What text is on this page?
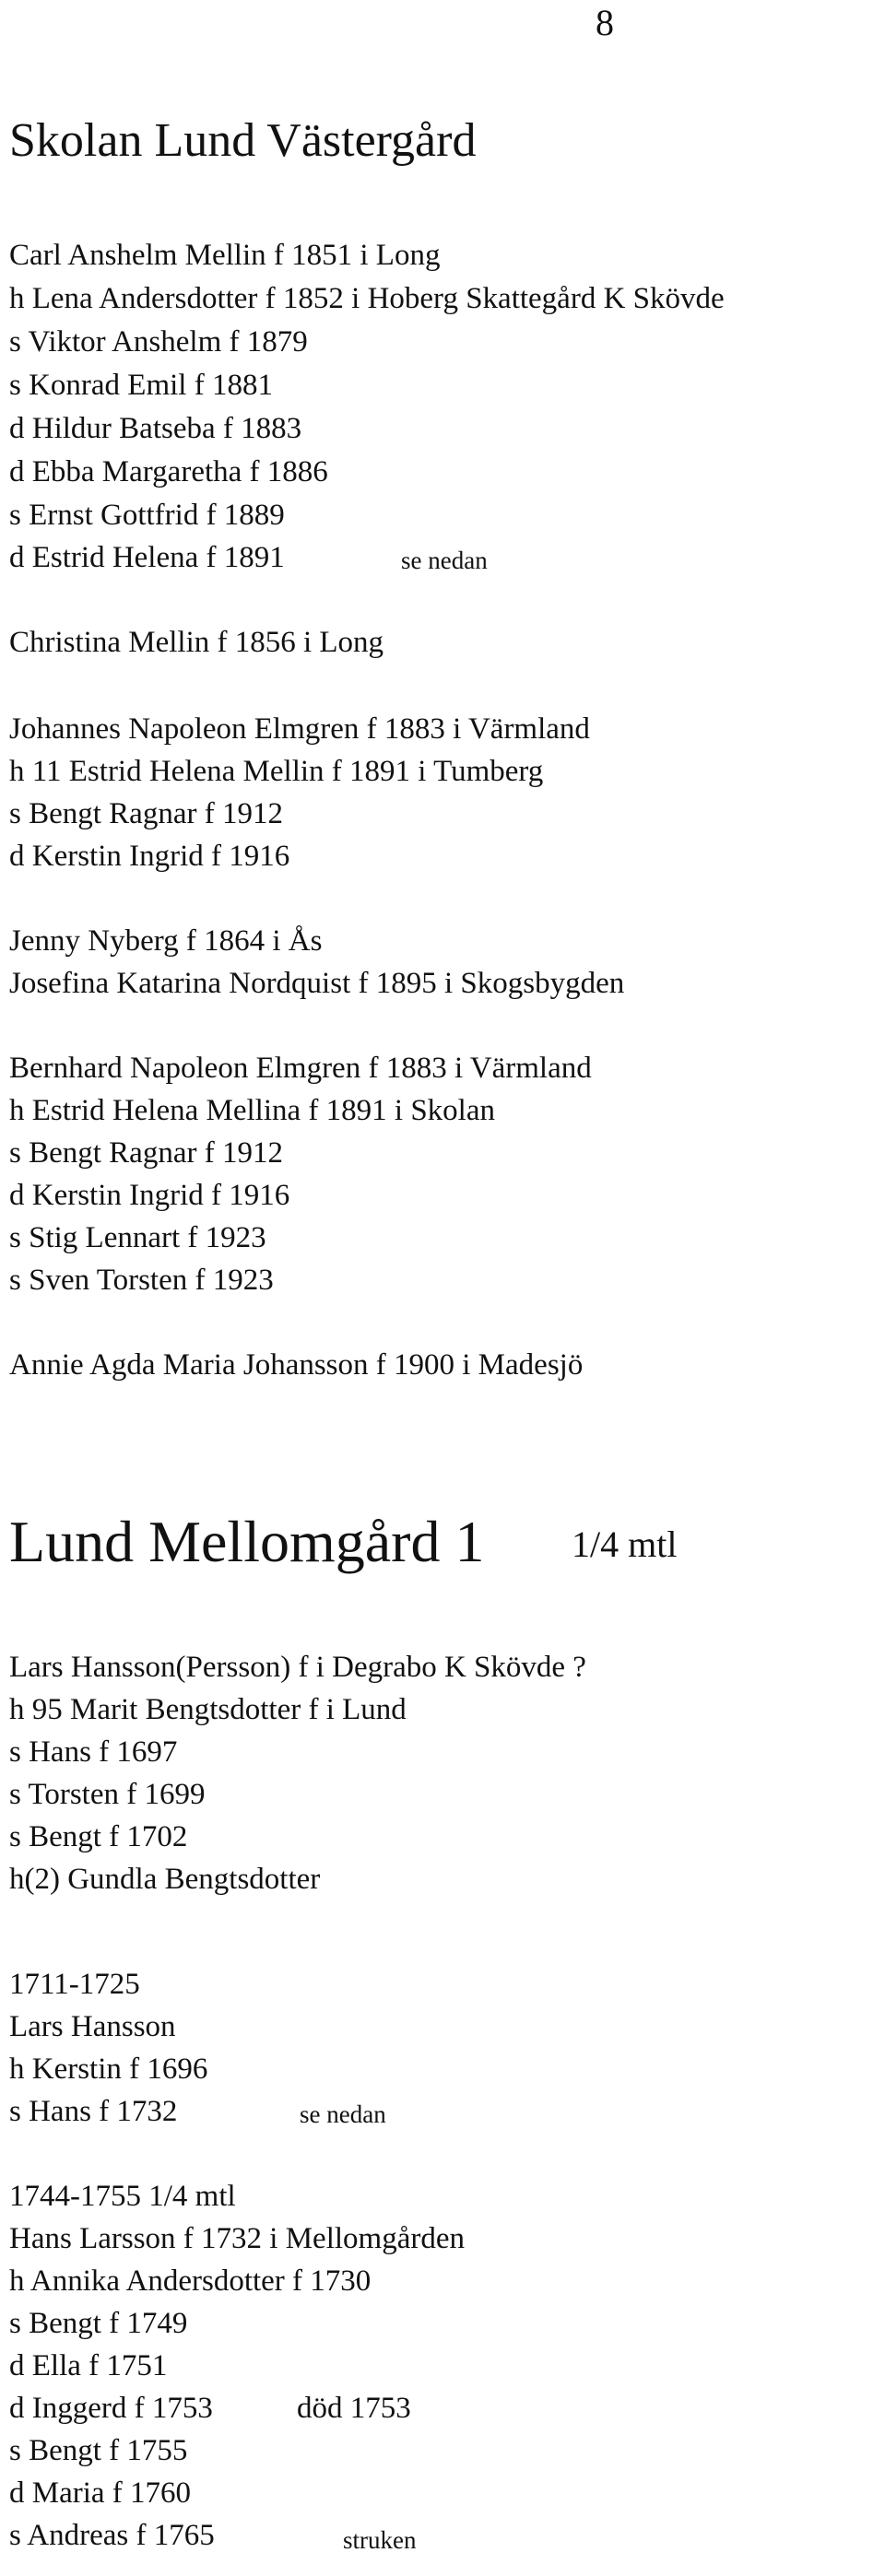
8
Skolan Lund Västergård
Carl Anshelm Mellin f 1851 i Long
h Lena Andersdotter f 1852 i Hoberg Skattegård K Skövde
s Viktor Anshelm f 1879
s Konrad Emil f 1881
d Hildur Batseba f 1883
d Ebba Margaretha f 1886
s Ernst Gottfrid f 1889
d Estrid Helena f 1891	se nedan
Christina Mellin f 1856 i Long
Johannes Napoleon Elmgren f 1883 i Värmland
h 11 Estrid Helena Mellin f 1891 i Tumberg
s Bengt Ragnar f 1912
d Kerstin Ingrid f 1916
Jenny Nyberg f 1864 i Ås
Josefina Katarina Nordquist f 1895 i Skogsbygden
Bernhard Napoleon Elmgren f 1883 i Värmland
h Estrid Helena Mellina f 1891 i Skolan
s Bengt Ragnar f 1912
d Kerstin Ingrid f 1916
s Stig Lennart f 1923
s Sven Torsten f 1923
Annie Agda Maria Johansson f 1900 i Madesjö
Lund Mellomgård 1 1/4 mtl
Lars Hansson(Persson) f i Degrabo K Skövde ?
h 95 Marit Bengtsdotter f i Lund
s Hans f 1697
s Torsten f 1699
s Bengt f 1702
h(2) Gundla Bengtsdotter
1711-1725
Lars Hansson
h Kerstin f 1696
s Hans f 1732	se nedan
1744-1755 1/4 mtl
Hans Larsson f 1732 i Mellomgården
h Annika Andersdotter f 1730
s Bengt f 1749
d Ella f 1751
d Inggerd f 1753	död 1753
s Bengt f 1755
d Maria f 1760
s Andreas f 1765	struken
